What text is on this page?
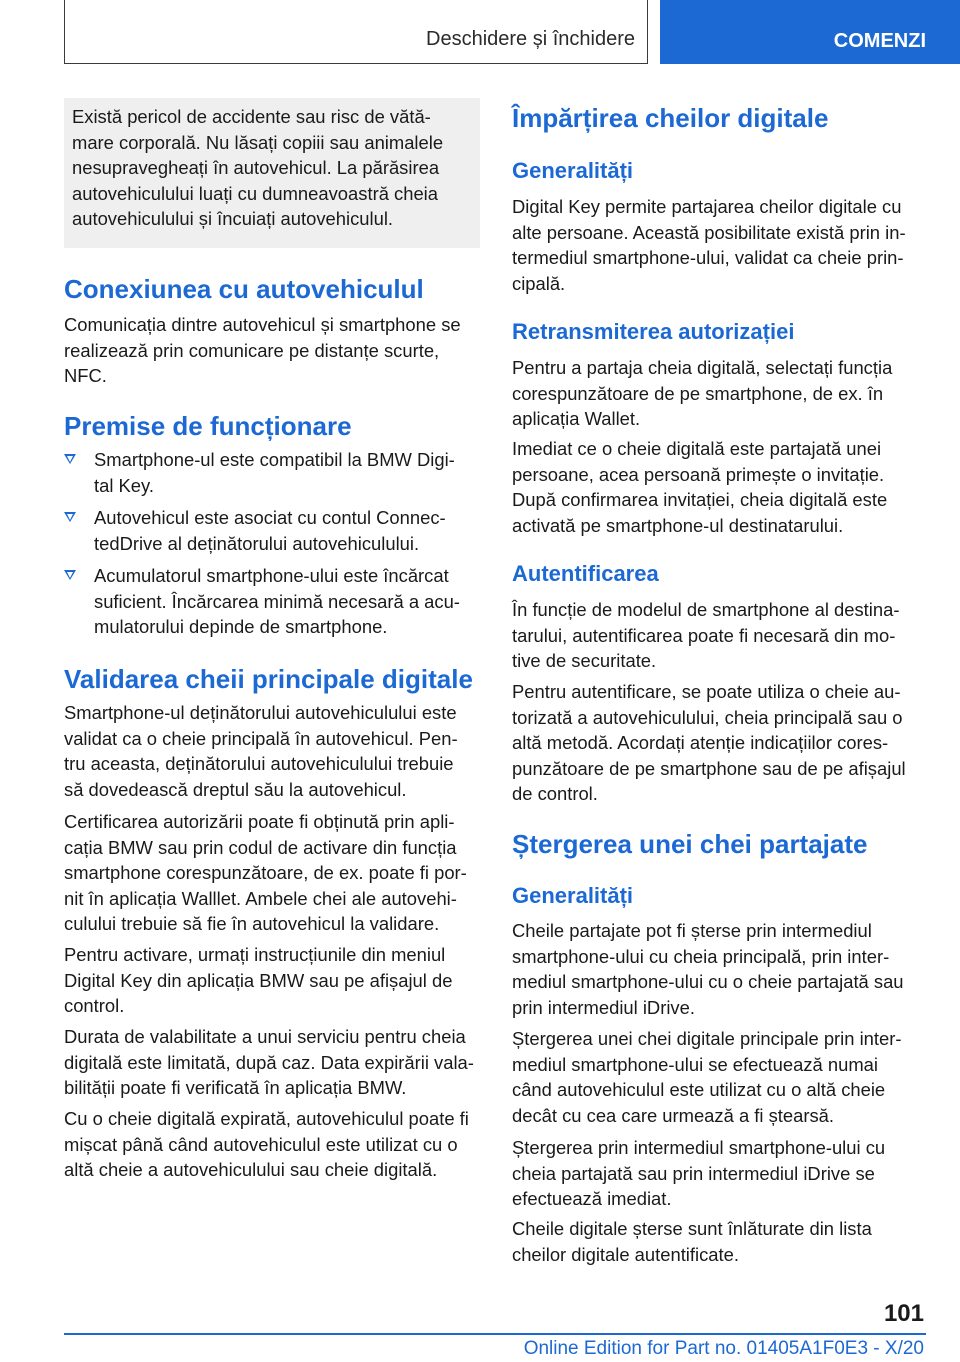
Deschidere și închidere	COMENZI

Există pericol de accidente sau risc de vătă-

mare corporală. Nu lăsați copiii sau animalele

nesupravegheați în autovehicul. La părăsirea

autovehiculului luați cu dumneavoastră cheia

autovehiculului și încuiați autovehiculul.

Conexiunea cu autovehiculul
Comunicația dintre autovehicul și smartphone se
realizează prin comunicare pe distanțe scurte,
NFC.
Premise de funcționare
Smartphone-ul este compatibil la BMW Digi-
tal Key.
Autovehicul este asociat cu contul Connec-
tedDrive al deținătorului autovehiculului.
Acumulatorul smartphone-ului este încărcat
suficient. Încărcarea minimă necesară a acu-
mulatorului depinde de smartphone.
Validarea cheii principale digitale
Smartphone-ul deținătorului autovehiculului este
validat ca o cheie principală în autovehicul. Pen-
tru aceasta, deținătorului autovehiculului trebuie
să dovedească dreptul său la autovehicul.
Certificarea autorizării poate fi obținută prin apli-
cația BMW sau prin codul de activare din funcția
smartphone corespunzătoare, de ex. poate fi por-
nit în aplicația Walllet. Ambele chei ale autovehi-
culului trebuie să fie în autovehicul la validare.
Pentru activare, urmați instrucțiunile din meniul
Digital Key din aplicația BMW sau pe afișajul de
control.
Durata de valabilitate a unui serviciu pentru cheia
digitală este limitată, după caz. Data expirării vala-
bilității poate fi verificată în aplicația BMW.
Cu o cheie digitală expirată, autovehiculul poate fi
mișcat până când autovehiculul este utilizat cu o
altă cheie a autovehiculului sau cheie digitală.
Împărțirea cheilor digitale
Generalități
Digital Key permite partajarea cheilor digitale cu
alte persoane. Această posibilitate există prin in-
termediul smartphone-ului, validat ca cheie prin-
cipală.
Retransmiterea autorizației
Pentru a partaja cheia digitală, selectați funcția
corespunzătoare de pe smartphone, de ex. în
aplicația Wallet.
Imediat ce o cheie digitală este partajată unei
persoane, acea persoană primește o invitație.
După confirmarea invitației, cheia digitală este
activată pe smartphone-ul destinatarului.
Autentificarea
În funcție de modelul de smartphone al destina-
tarului, autentificarea poate fi necesară din mo-
tive de securitate.
Pentru autentificare, se poate utiliza o cheie au-
torizată a autovehiculului, cheia principală sau o
altă metodă. Acordați atenție indicațiilor cores-
punzătoare de pe smartphone sau de pe afișajul
de control.
Ștergerea unei chei partajate
Generalități
Cheile partajate pot fi șterse prin intermediul
smartphone-ului cu cheia principală, prin inter-
mediul smartphone-ului cu o cheie partajată sau
prin intermediul iDrive.
Ștergerea unei chei digitale principale prin inter-
mediul smartphone-ului se efectuează numai
când autovehiculul este utilizat cu o altă cheie
decât cu cea care urmează a fi ștearsă.
Ștergerea prin intermediul smartphone-ului cu
cheia partajată sau prin intermediul iDrive se
efectuează imediat.
Cheile digitale șterse sunt înlăturate din lista
cheilor digitale autentificate.
101
Online Edition for Part no. 01405A1F0E3 - X/20
